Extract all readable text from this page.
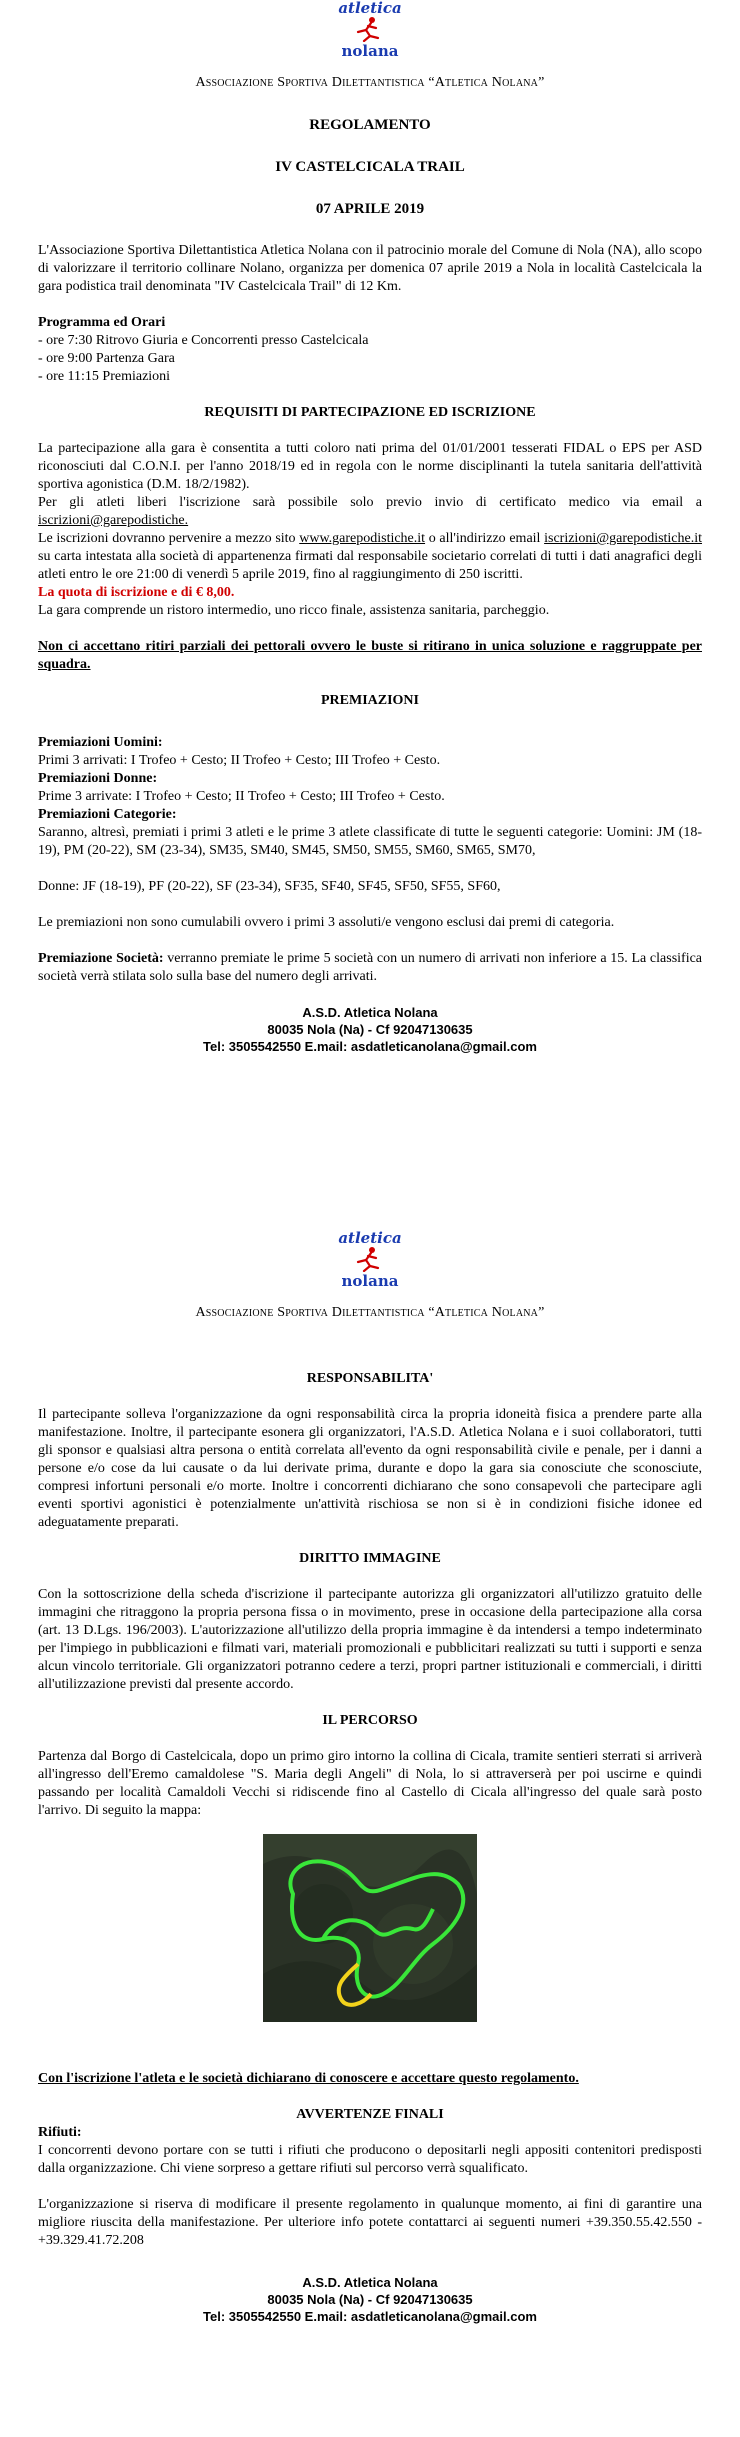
atletica
nolana
Associazione Sportiva Dilettantistica “Atletica Nolana”
REGOLAMENTO
IV CASTELCICALA TRAIL
07 APRILE 2019

L'Associazione Sportiva Dilettantistica Atletica Nolana con il patrocinio morale del Comune di Nola (NA), allo scopo di valorizzare il territorio collinare Nolano, organizza per domenica 07 aprile 2019 a Nola in località Castelcicala la gara podistica trail denominata "IV Castelcicala Trail" di 12 Km.

Programma ed Orari
- ore 7:30 Ritrovo Giuria e Concorrenti presso Castelcicala
- ore 9:00 Partenza Gara
- ore 11:15 Premiazioni
REQUISITI DI PARTECIPAZIONE ED ISCRIZIONE

La partecipazione alla gara è consentita a tutti coloro nati prima del 01/01/2001 tesserati FIDAL o EPS per ASD riconosciuti dal C.O.N.I. per l'anno 2018/19 ed in regola con le norme disciplinanti la tutela sanitaria dell'attività sportiva agonistica (D.M. 18/2/1982).

Per gli atleti liberi l'iscrizione sarà possibile solo previo invio di certificato medico via email a iscrizioni@garepodistiche.

Le iscrizioni dovranno pervenire a mezzo sito www.garepodistiche.it o all'indirizzo email iscrizioni@garepodistiche.it su carta intestata alla società di appartenenza firmati dal responsabile societario correlati di tutti i dati anagrafici degli atleti entro le ore 21:00 di venerdì 5 aprile 2019, fino al raggiungimento di 250 iscritti.

La quota di iscrizione e di € 8,00.

La gara comprende un ristoro intermedio, uno ricco finale, assistenza sanitaria, parcheggio.

Non ci accettano ritiri parziali dei pettorali ovvero le buste si ritirano in unica soluzione e raggruppate per squadra.

PREMIAZIONI
Premiazioni Uomini:
Primi 3 arrivati: I Trofeo + Cesto; II Trofeo + Cesto; III Trofeo + Cesto.
Premiazioni Donne:
Prime 3 arrivate: I Trofeo + Cesto; II Trofeo + Cesto; III Trofeo + Cesto.
Premiazioni Categorie:

Saranno, altresì, premiati i primi 3 atleti e le prime 3 atlete classificate di tutte le seguenti categorie: Uomini: JM (18-19), PM (20-22), SM (23-34), SM35, SM40, SM45, SM50, SM55, SM60, SM65, SM70,

Donne: JF (18-19), PF (20-22), SF (23-34), SF35, SF40, SF45, SF50, SF55, SF60,

Le premiazioni non sono cumulabili ovvero i primi 3 assoluti/e vengono esclusi dai premi di categoria.

Premiazione Società: verranno premiate le prime 5 società con un numero di arrivati non inferiore a 15. La classifica società verrà stilata solo sulla base del numero degli arrivati.

A.S.D. Atletica Nolana
80035 Nola (Na) - Cf 92047130635
Tel: 3505542550 E.mail: asdatleticanolana@gmail.com
atletica
nolana
Associazione Sportiva Dilettantistica “Atletica Nolana”
RESPONSABILITA'

Il partecipante solleva l'organizzazione da ogni responsabilità circa la propria idoneità fisica a prendere parte alla manifestazione. Inoltre, il partecipante esonera gli organizzatori, l'A.S.D. Atletica Nolana e i suoi collaboratori, tutti gli sponsor e qualsiasi altra persona o entità correlata all'evento da ogni responsabilità civile e penale, per i danni a persone e/o cose da lui causate o da lui derivate prima, durante e dopo la gara sia conosciute che sconosciute, compresi infortuni personali e/o morte. Inoltre i concorrenti dichiarano che sono consapevoli che partecipare agli eventi sportivi agonistici è potenzialmente un'attività rischiosa se non si è in condizioni fisiche idonee ed adeguatamente preparati.

DIRITTO IMMAGINE

Con la sottoscrizione della scheda d'iscrizione il partecipante autorizza gli organizzatori all'utilizzo gratuito delle immagini che ritraggono la propria persona fissa o in movimento, prese in occasione della partecipazione alla corsa (art. 13 D.Lgs. 196/2003). L'autorizzazione all'utilizzo della propria immagine è da intendersi a tempo indeterminato per l'impiego in pubblicazioni e filmati vari, materiali promozionali e pubblicitari realizzati su tutti i supporti e senza alcun vincolo territoriale. Gli organizzatori potranno cedere a terzi, propri partner istituzionali e commerciali, i diritti all'utilizzazione previsti dal presente accordo.

IL PERCORSO

Partenza dal Borgo di Castelcicala, dopo un primo giro intorno la collina di Cicala, tramite sentieri sterrati si arriverà all'ingresso dell'Eremo camaldolese "S. Maria degli Angeli" di Nola, lo si attraverserà per poi uscirne e quindi passando per località Camaldoli Vecchi si ridiscende fino al Castello di Cicala all'ingresso del quale sarà posto l'arrivo. Di seguito la mappa:

Con l'iscrizione l'atleta e le società dichiarano di conoscere e accettare questo regolamento.

AVVERTENZE FINALI
Rifiuti:

I concorrenti devono portare con se tutti i rifiuti che producono o depositarli negli appositi contenitori predisposti dalla organizzazione. Chi viene sorpreso a gettare rifiuti sul percorso verrà squalificato.

L'organizzazione si riserva di modificare il presente regolamento in qualunque momento, ai fini di garantire una migliore riuscita della manifestazione. Per ulteriore info potete contattarci ai seguenti numeri +39.350.55.42.550 - +39.329.41.72.208

A.S.D. Atletica Nolana
80035 Nola (Na) - Cf 92047130635
Tel: 3505542550 E.mail: asdatleticanolana@gmail.com
